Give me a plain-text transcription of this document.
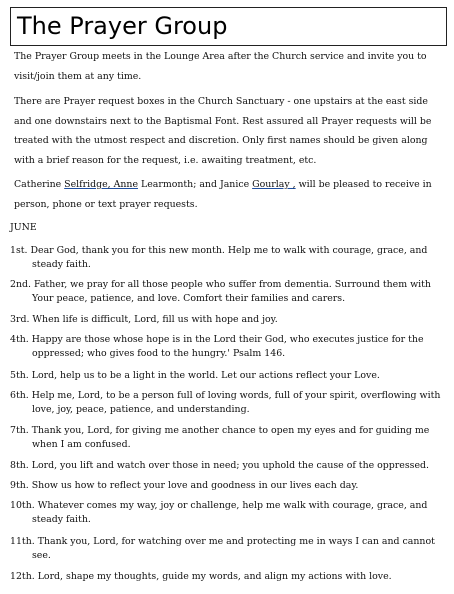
The Prayer Group

The Prayer Group meets in the Lounge Area after the Church service and invite you to visit/join them at any time.

There are Prayer request boxes in the Church Sanctuary - one upstairs at the east side and one downstairs next to the Baptismal Font. Rest assured all Prayer requests will be treated with the utmost respect and discretion. Only first names should be given along with a brief reason for the request, i.e. awaiting treatment, etc.

Catherine Selfridge, Anne Learmonth; and Janice Gourlay , will be pleased to receive in person, phone or text prayer requests.

JUNE

1st. Dear God, thank you for this new month. Help me to walk with courage, grace, and steady faith.

2nd. Father, we pray for all those people who suffer from dementia. Surround them with Your peace, patience, and love. Comfort their families and carers.

3rd. When life is difficult, Lord, fill us with hope and joy.

4th. Happy are those whose hope is in the Lord their God, who executes justice for the oppressed; who gives food to the hungry.' Psalm 146.

5th. Lord, help us to be a light in the world. Let our actions reflect your Love.

6th. Help me, Lord, to be a person full of loving words, full of your spirit, overflowing with love, joy, peace, patience, and understanding.

7th. Thank you, Lord, for giving me another chance to open my eyes and for guiding me when I am confused.

8th. Lord, you lift and watch over those in need; you uphold the cause of the oppressed.

9th. Show us how to reflect your love and goodness in our lives each day.

10th. Whatever comes my way, joy or challenge, help me walk with courage, grace, and steady faith.

11th. Thank you, Lord, for watching over me and protecting me in ways I can and cannot see.

12th. Lord, shape my thoughts, guide my words, and align my actions with love.
